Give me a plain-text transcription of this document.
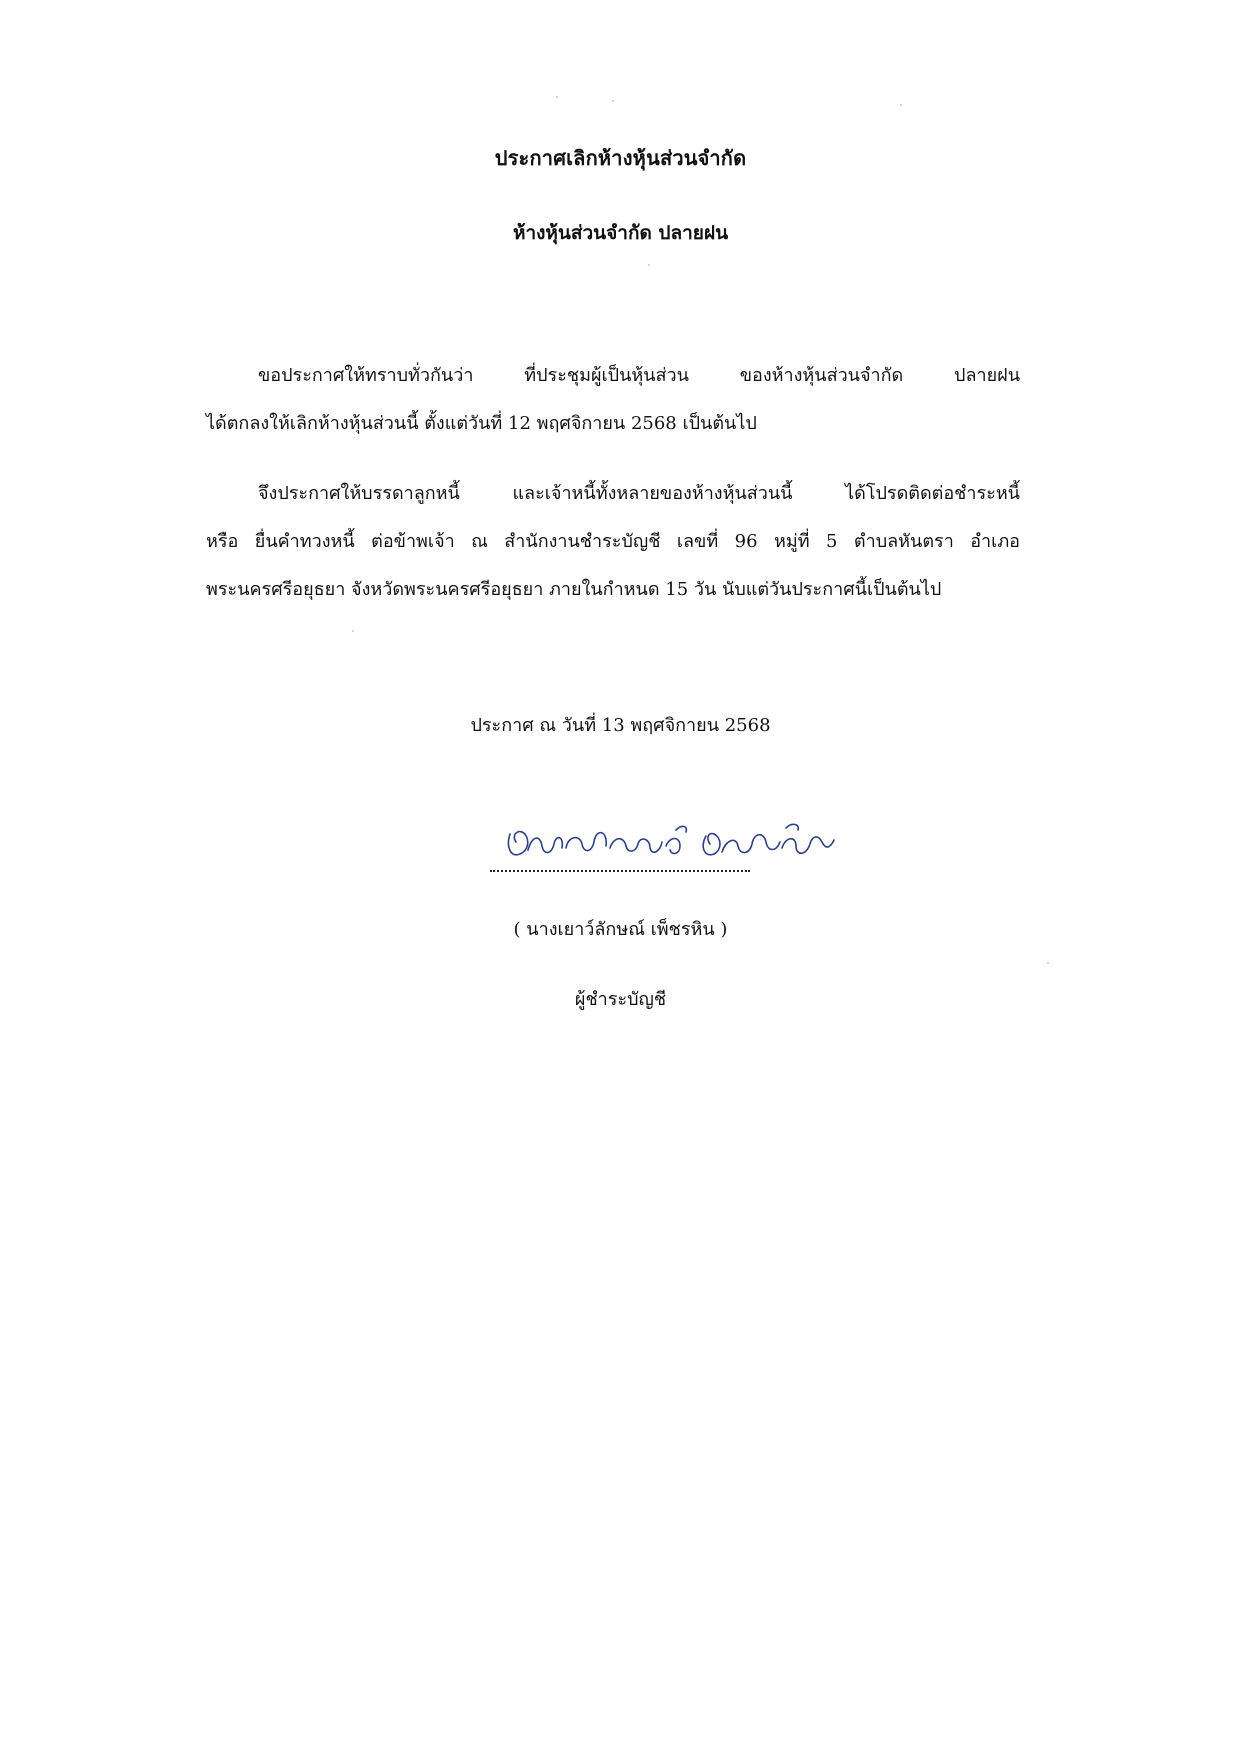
ประกาศเลิกห้างหุ้นส่วนจำกัด
ห้างหุ้นส่วนจำกัด ปลายฝน

ขอประกาศให้ทราบทั่วกันว่า ที่ประชุมผู้เป็นหุ้นส่วน ของห้างหุ้นส่วนจำกัด ปลายฝน
ได้ตกลงให้เลิกห้างหุ้นส่วนนี้ ตั้งแต่วันที่ 12 พฤศจิกายน 2568 เป็นต้นไป

จึงประกาศให้บรรดาลูกหนี้ และเจ้าหนี้ทั้งหลายของห้างหุ้นส่วนนี้ ได้โปรดติดต่อชำระหนี้
หรือ ยื่นคำทวงหนี้ ต่อข้าพเจ้า ณ สำนักงานชำระบัญชี เลขที่ 96 หมู่ที่ 5 ตำบลหันตรา อำเภอ
พระนครศรีอยุธยา จังหวัดพระนครศรีอยุธยา ภายในกำหนด 15 วัน นับแต่วันประกาศนี้เป็นต้นไป

ประกาศ ณ วันที่ 13 พฤศจิกายน 2568
( นางเยาว์ลักษณ์ เพ็ชรหิน )
ผู้ชำระบัญชี
